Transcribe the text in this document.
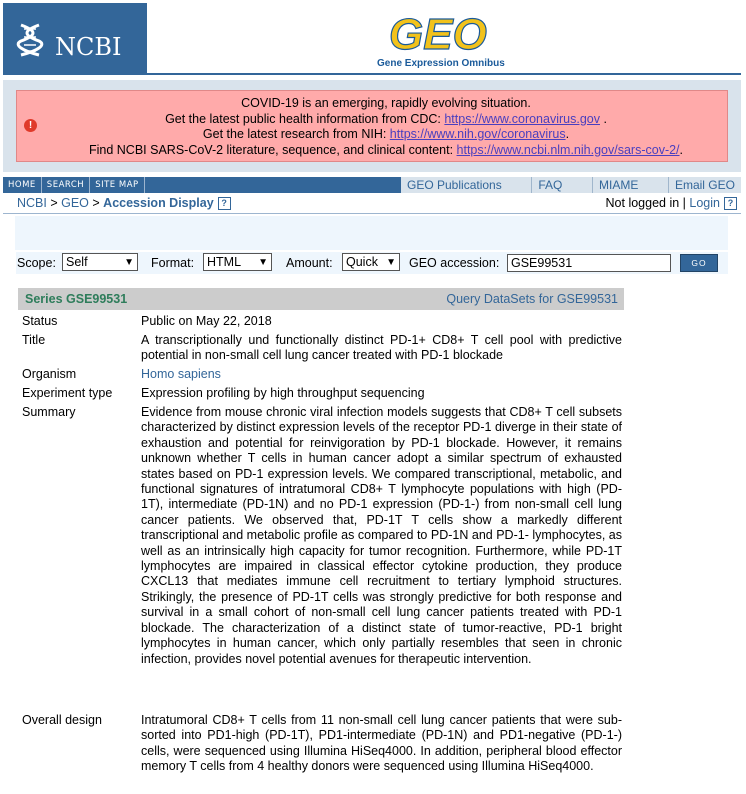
NCBI	GEO
Gene Expression Omnibus
!
COVID-19 is an emerging, rapidly evolving situation.
Get the latest public health information from CDC: https://www.coronavirus.gov .
Get the latest research from NIH: https://www.nih.gov/coronavirus.
Find NCBI SARS-CoV-2 literature, sequence, and clinical content: https://www.ncbi.nlm.nih.gov/sars-cov-2/.
HOME	SEARCH	SITE MAP	GEO Publications	FAQ	MIAME	Email GEO
NCBI > GEO > Accession Display ?	Not logged in | Login ?
Scope: Self	▼ Format:	HTML ▼ Amount:	Quick ▼ GEO accession: GSE99531	GO
Series GSE99531	Query DataSets for GSE99531
Status	Public on May 22, 2018
Title	A transcriptionally und functionally distinct PD-1+ CD8+ T cell pool with predictive potential in non-small cell lung cancer treated with PD-1 blockade
Organism	Homo sapiens
Experiment type	Expression profiling by high throughput sequencing
Summary	Evidence from mouse chronic viral infection models suggests that CD8+ T cell subsets characterized by distinct expression levels of the receptor PD-1 diverge in their state of exhaustion and potential for reinvigoration by PD-1 blockade. However, it remains unknown whether T cells in human cancer adopt a similar spectrum of exhausted states based on PD-1 expression levels. We compared transcriptional, metabolic, and functional signatures of intratumoral CD8+ T lymphocyte populations with high (PD-1T), intermediate (PD-1N) and no PD-1 expression (PD-1-) from non-small cell lung cancer patients. We observed that, PD-1T T cells show a markedly different transcriptional and metabolic profile as compared to PD-1N and PD-1- lymphocytes, as well as an intrinsically high capacity for tumor recognition. Furthermore, while PD-1T lymphocytes are impaired in classical effector cytokine production, they produce CXCL13 that mediates immune cell recruitment to tertiary lymphoid structures. Strikingly, the presence of PD-1T cells was strongly predictive for both response and survival in a small cohort of non-small cell lung cancer patients treated with PD-1 blockade. The characterization of a distinct state of tumor-reactive, PD-1 bright lymphocytes in human cancer, which only partially resembles that seen in chronic infection, provides novel potential avenues for therapeutic intervention.
Overall design	Intratumoral CD8+ T cells from 11 non-small cell lung cancer patients that were sub-sorted into PD1-high (PD-1T), PD1-intermediate (PD-1N) and PD1-negative (PD-1-) cells, were sequenced using Illumina HiSeq4000. In addition, peripheral blood effector memory T cells from 4 healthy donors were sequenced using Illumina HiSeq4000.
